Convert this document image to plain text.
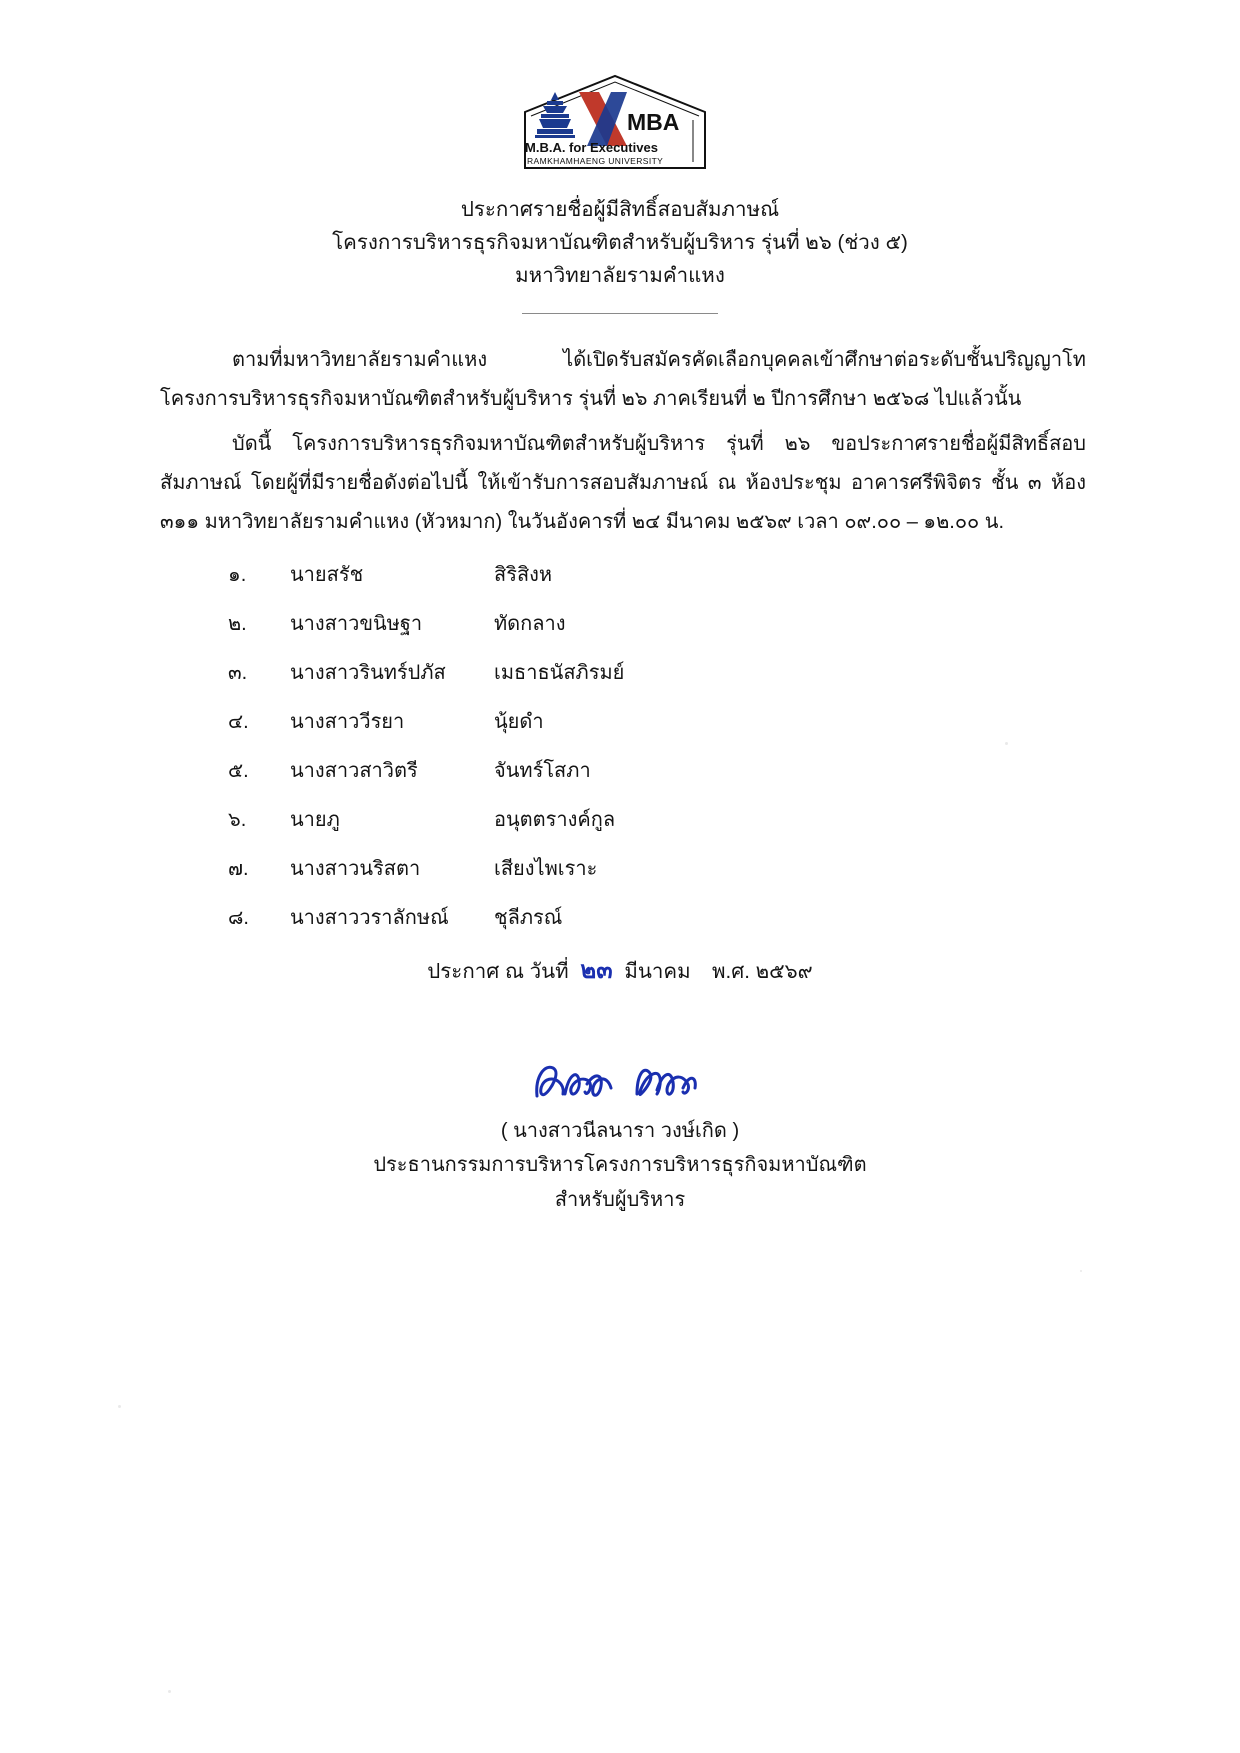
MBA
M.B.A. for Executives
RAMKHAMHAENG UNIVERSITY
ประกาศรายชื่อผู้มีสิทธิ์สอบสัมภาษณ์
โครงการบริหารธุรกิจมหาบัณฑิตสำหรับผู้บริหาร รุ่นที่ ๒๖ (ช่วง ๕)
มหาวิทยาลัยรามคำแหง

ตามที่มหาวิทยาลัยรามคำแหง ได้เปิดรับสมัครคัดเลือกบุคคลเข้าศึกษาต่อระดับชั้นปริญญาโท โครงการบริหารธุรกิจมหาบัณฑิตสำหรับผู้บริหาร รุ่นที่ ๒๖ ภาคเรียนที่ ๒ ปีการศึกษา ๒๕๖๘ ไปแล้วนั้น

บัดนี้ โครงการบริหารธุรกิจมหาบัณฑิตสำหรับผู้บริหาร รุ่นที่ ๒๖ ขอประกาศรายชื่อผู้มีสิทธิ์สอบสัมภาษณ์ โดยผู้ที่มีรายชื่อดังต่อไปนี้ ให้เข้ารับการสอบสัมภาษณ์ ณ ห้องประชุม อาคารศรีพิจิตร ชั้น ๓ ห้อง ๓๑๑ มหาวิทยาลัยรามคำแหง (หัวหมาก) ในวันอังคารที่ ๒๔ มีนาคม ๒๕๖๙ เวลา ๐๙.๐๐ – ๑๒.๐๐ น.

๑.	นายสรัช	สิริสิงห
๒.	นางสาวขนิษฐา	ทัดกลาง
๓.	นางสาวรินทร์ปภัส	เมธาธนัสภิรมย์
๔.	นางสาววีรยา	นุ้ยดำ
๕.	นางสาวสาวิตรี	จันทร์โสภา
๖.	นายภู	อนุตตรางค์กูล
๗.	นางสาวนริสตา	เสียงไพเราะ
๘.	นางสาววราลักษณ์	ชุลีภรณ์
ประกาศ ณ วันที่ ๒๓ มีนาคม พ.ศ. ๒๕๖๙
( นางสาวนีลนารา วงษ์เกิด )
ประธานกรรมการบริหารโครงการบริหารธุรกิจมหาบัณฑิต
สำหรับผู้บริหาร
